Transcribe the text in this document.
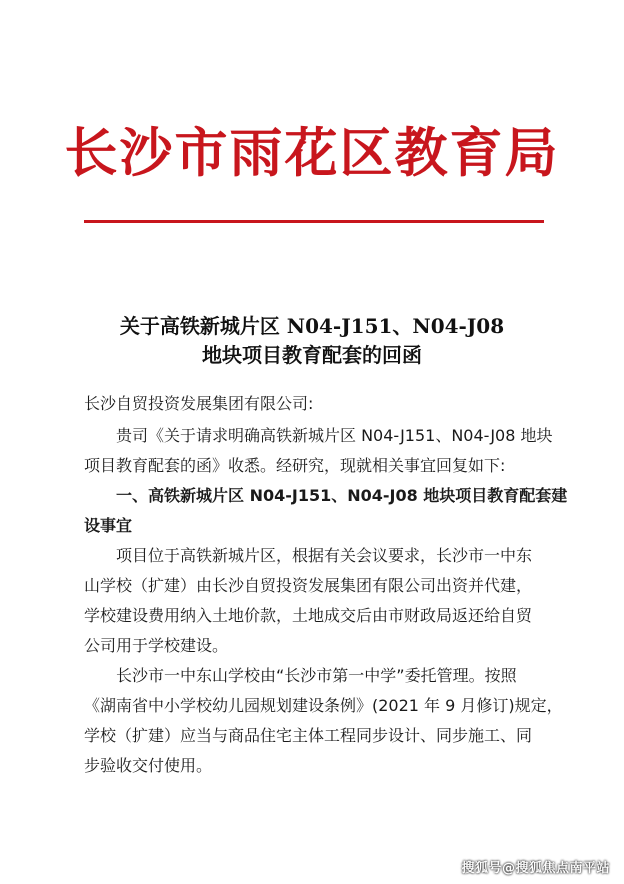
长沙市雨花区教育局
关于高铁新城片区 N04-J151、N04-J08
地块项目教育配套的回函
长沙自贸投资发展集团有限公司:
贵司《关于请求明确高铁新城片区 N04-J151、N04-J08 地块
项目教育配套的函》收悉。经研究，现就相关事宜回复如下:
一、高铁新城片区 N04-J151、N04-J08 地块项目教育配套建
设事宜
项目位于高铁新城片区，根据有关会议要求，长沙市一中东
山学校（扩建）由长沙自贸投资发展集团有限公司出资并代建，
学校建设费用纳入土地价款，土地成交后由市财政局返还给自贸
公司用于学校建设。
长沙市一中东山学校由“长沙市第一中学”委托管理。按照
《湖南省中小学校幼儿园规划建设条例》(2021 年 9 月修订)规定，
学校（扩建）应当与商品住宅主体工程同步设计、同步施工、同
步验收交付使用。
搜狐号@搜狐焦点南平站
